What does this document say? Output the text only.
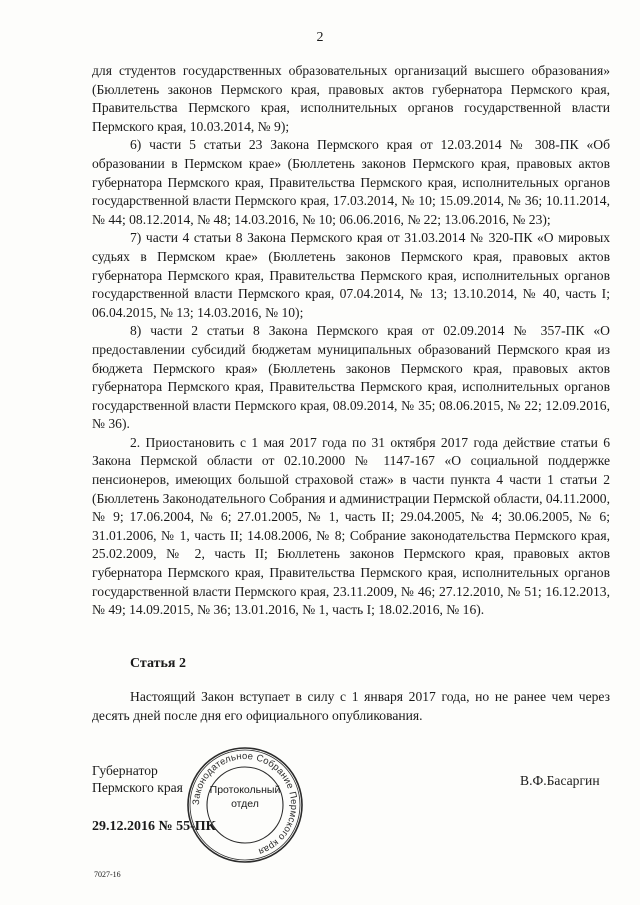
2

для студентов государственных образовательных организаций высшего образования» (Бюллетень законов Пермского края, правовых актов губернатора Пермского края, Правительства Пермского края, исполнительных органов государственной власти Пермского края, 10.03.2014, № 9);

6) части 5 статьи 23 Закона Пермского края от 12.03.2014 № 308-ПК «Об образовании в Пермском крае» (Бюллетень законов Пермского края, правовых актов губернатора Пермского края, Правительства Пермского края, исполнительных органов государственной власти Пермского края, 17.03.2014, № 10; 15.09.2014, № 36; 10.11.2014, № 44; 08.12.2014, № 48; 14.03.2016, № 10; 06.06.2016, № 22; 13.06.2016, № 23);

7) части 4 статьи 8 Закона Пермского края от 31.03.2014 № 320-ПК «О мировых судьях в Пермском крае» (Бюллетень законов Пермского края, правовых актов губернатора Пермского края, Правительства Пермского края, исполнительных органов государственной власти Пермского края, 07.04.2014, № 13; 13.10.2014, № 40, часть I; 06.04.2015, № 13; 14.03.2016, № 10);

8) части 2 статьи 8 Закона Пермского края от 02.09.2014 № 357-ПК «О предоставлении субсидий бюджетам муниципальных образований Пермского края из бюджета Пермского края» (Бюллетень законов Пермского края, правовых актов губернатора Пермского края, Правительства Пермского края, исполнительных органов государственной власти Пермского края, 08.09.2014, № 35; 08.06.2015, № 22; 12.09.2016, № 36).

2. Приостановить с 1 мая 2017 года по 31 октября 2017 года действие статьи 6 Закона Пермской области от 02.10.2000 № 1147-167 «О социальной поддержке пенсионеров, имеющих большой страховой стаж» в части пункта 4 части 1 статьи 2 (Бюллетень Законодательного Собрания и администрации Пермской области, 04.11.2000, № 9; 17.06.2004, № 6; 27.01.2005, № 1, часть II; 29.04.2005, № 4; 30.06.2005, № 6; 31.01.2006, № 1, часть II; 14.08.2006, № 8; Собрание законодательства Пермского края, 25.02.2009, № 2, часть II; Бюллетень законов Пермского края, правовых актов губернатора Пермского края, Правительства Пермского края, исполнительных органов государственной власти Пермского края, 23.11.2009, № 46; 27.12.2010, № 51; 16.12.2013, № 49; 14.09.2015, № 36; 13.01.2016, № 1, часть I; 18.02.2016, № 16).

Статья 2
Настоящий Закон вступает в силу с 1 января 2017 года, но не ранее чем через десять дней после дня его официального опубликования.
Губернатор
Пермского края	В.Ф.Басаргин
29.12.2016 № 55-ПК
7027-16
Законодательное Собрание Пермского края
Протокольный
отдел
